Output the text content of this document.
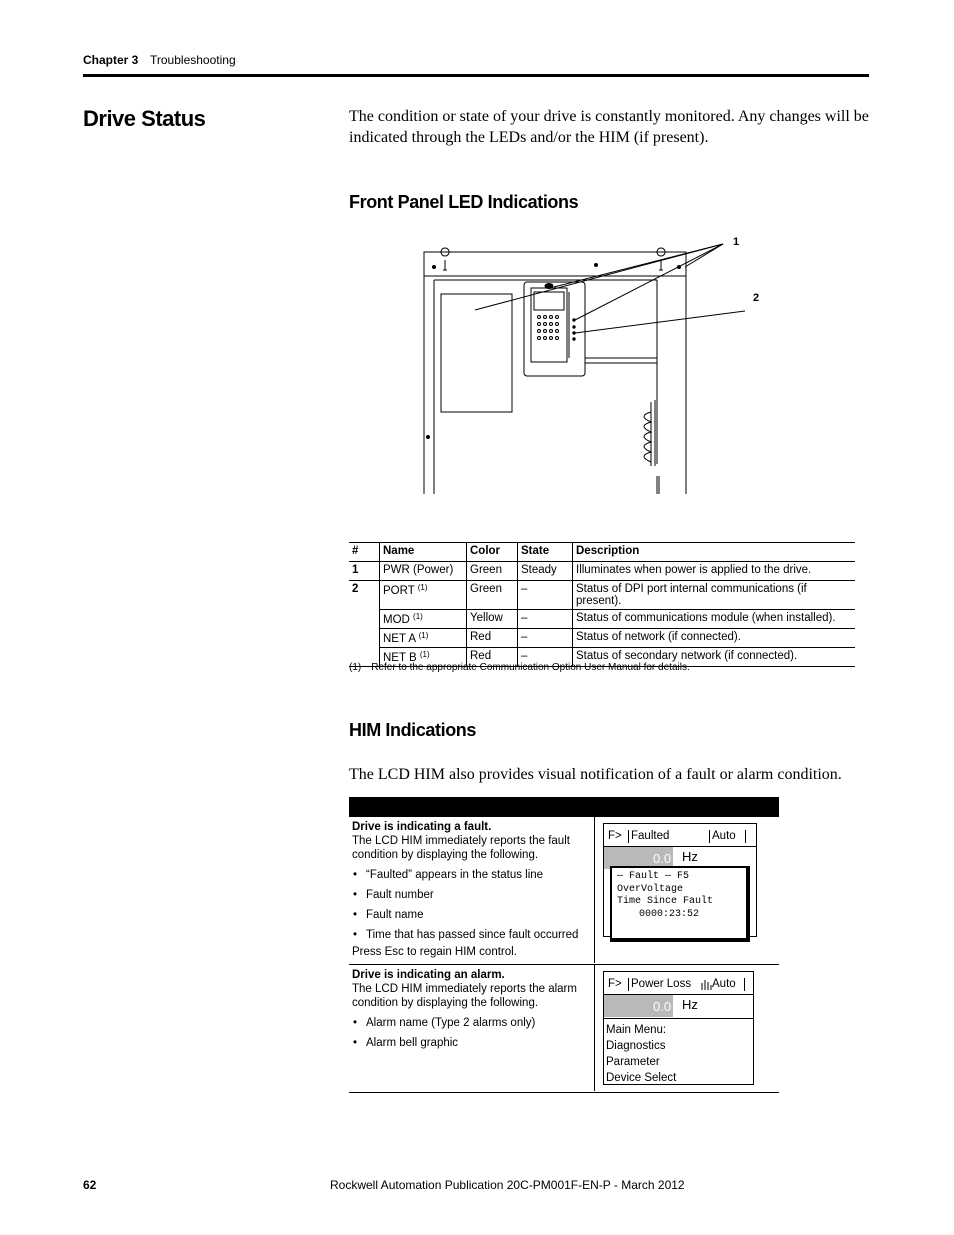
Chapter 3 Troubleshooting
Drive Status	The condition or state of your drive is constantly monitored. Any changes will be indicated through the LEDs and/or the HIM (if present).
Front Panel LED Indications
1
2
#	Name	Color	State	Description
1	PWR (Power)	Green	Steady	Illuminates when power is applied to the drive.
2	PORT $^{(1)}$	Green	–	Status of DPI port internal communications (if present).
	MOD $^{(1)}$	Yellow	–	Status of communications module (when installed).
	NET A $^{(1)}$	Red	–	Status of network (if connected).
	NET B $^{(1)}$	Red	–	Status of secondary network (if connected).
(1) Refer to the appropriate Communication Option User Manual for details.
HIM Indications
The LCD HIM also provides visual notification of a fault or alarm condition.
Drive is indicating a fault.
The LCD HIM immediately reports the fault condition by displaying the following.
• “Faulted” appears in the status line
• Fault number
• Fault name
• Time that has passed since fault occurred
Press Esc to regain HIM control.
F> Faulted	Auto
0.0 Hz
— Fault — F5
OverVoltage
Time Since Fault
0000:23:52
Drive is indicating an alarm.
The LCD HIM immediately reports the alarm condition by displaying the following.
• Alarm name (Type 2 alarms only)
• Alarm bell graphic
F> Power Loss Auto
0.0 Hz
Main Menu:
Diagnostics
Parameter
Device Select
62	Rockwell Automation Publication 20C-PM001F-EN-P - March 2012
